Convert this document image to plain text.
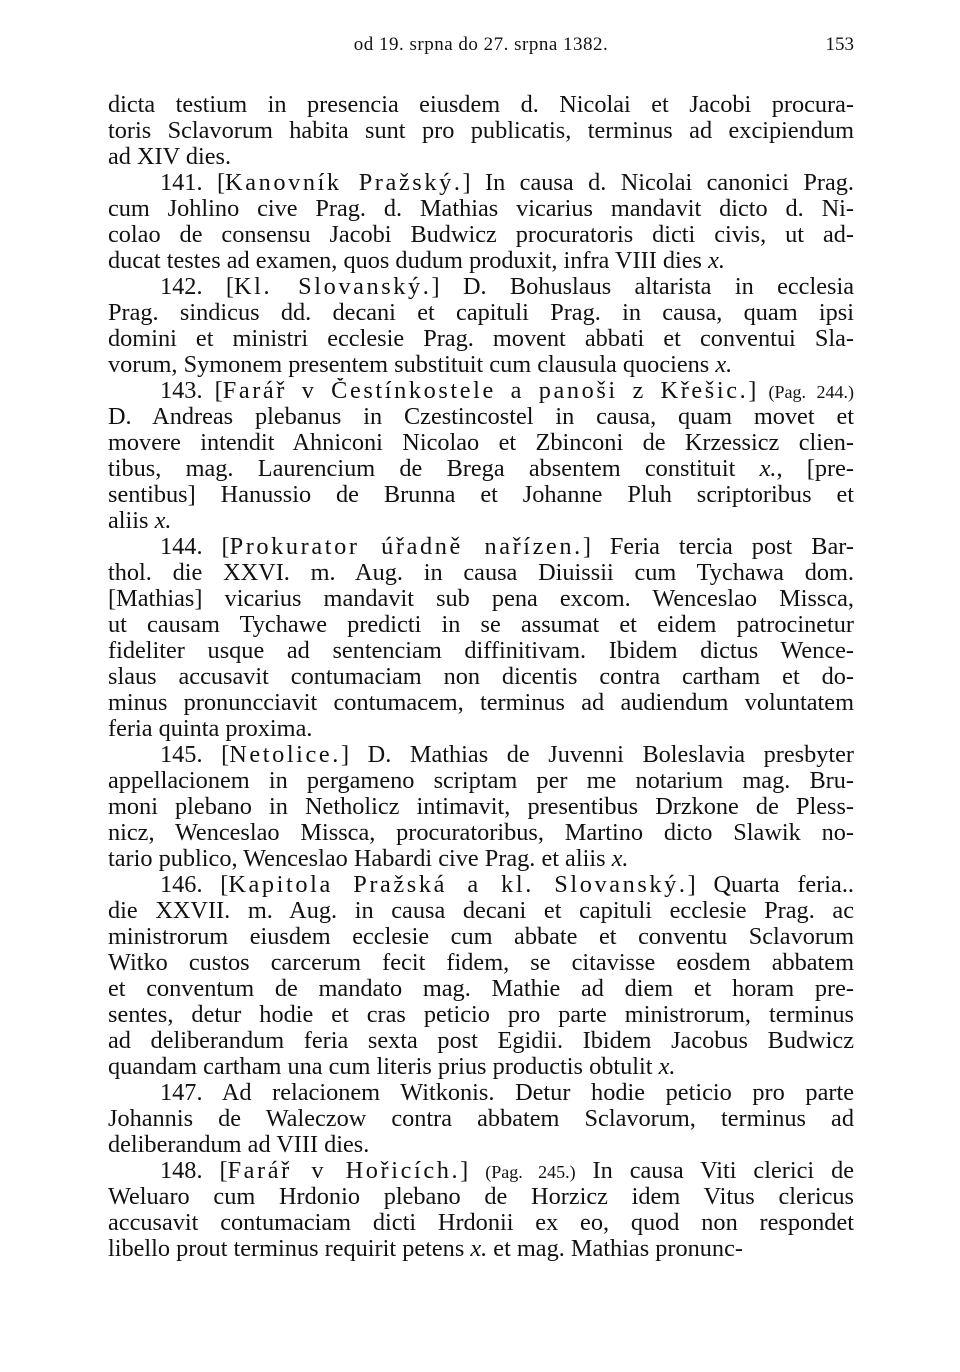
od 19. srpna do 27. srpna 1382.	153
dicta testium in presencia eiusdem d. Nicolai et Jacobi procura-
toris Sclavorum habita sunt pro publicatis, terminus ad excipiendum
ad XIV dies.
141. [Kanovník Pražský.] In causa d. Nicolai canonici Prag.
cum Johlino cive Prag. d. Mathias vicarius mandavit dicto d. Ni-
colao de consensu Jacobi Budwicz procuratoris dicti civis, ut ad-
ducat testes ad examen, quos dudum produxit, infra VIII dies x.
142. [Kl. Slovanský.] D. Bohuslaus altarista in ecclesia
Prag. sindicus dd. decani et capituli Prag. in causa, quam ipsi
domini et ministri ecclesie Prag. movent abbati et conventui Sla-
vorum, Symonem presentem substituit cum clausula quociens x.
143. [Farář v Čestínkostele a panoši z Křešic.] (Pag. 244.)
D. Andreas plebanus in Czestincostel in causa, quam movet et
movere intendit Ahniconi Nicolao et Zbinconi de Krzessicz clien-
tibus, mag. Laurencium de Brega absentem constituit x., [pre-
sentibus] Hanussio de Brunna et Johanne Pluh scriptoribus et
aliis x.
144. [Prokurator úřadně nařízen.] Feria tercia post Bar-
thol. die XXVI. m. Aug. in causa Diuissii cum Tychawa dom.
[Mathias] vicarius mandavit sub pena excom. Wenceslao Missca,
ut causam Tychawe predicti in se assumat et eidem patrocinetur
fideliter usque ad sentenciam diffinitivam. Ibidem dictus Wence-
slaus accusavit contumaciam non dicentis contra cartham et do-
minus pronuncciavit contumacem, terminus ad audiendum voluntatem
feria quinta proxima.
145. [Netolice.] D. Mathias de Juvenni Boleslavia presbyter
appellacionem in pergameno scriptam per me notarium mag. Bru-
moni plebano in Netholicz intimavit, presentibus Drzkone de Pless-
nicz, Wenceslao Missca, procuratoribus, Martino dicto Slawik no-
tario publico, Wenceslao Habardi cive Prag. et aliis x.
146. [Kapitola Pražská a kl. Slovanský.] Quarta feria..
die XXVII. m. Aug. in causa decani et capituli ecclesie Prag. ac
ministrorum eiusdem ecclesie cum abbate et conventu Sclavorum
Witko custos carcerum fecit fidem, se citavisse eosdem abbatem
et conventum de mandato mag. Mathie ad diem et horam pre-
sentes, detur hodie et cras peticio pro parte ministrorum, terminus
ad deliberandum feria sexta post Egidii. Ibidem Jacobus Budwicz
quandam cartham una cum literis prius productis obtulit x.
147. Ad relacionem Witkonis. Detur hodie peticio pro parte
Johannis de Waleczow contra abbatem Sclavorum, terminus ad
deliberandum ad VIII dies.
148. [Farář v Hořicích.] (Pag. 245.) In causa Viti clerici de
Weluaro cum Hrdonio plebano de Horzicz idem Vitus clericus
accusavit contumaciam dicti Hrdonii ex eo, quod non respondet
libello prout terminus requirit petens x. et mag. Mathias pronunc-
